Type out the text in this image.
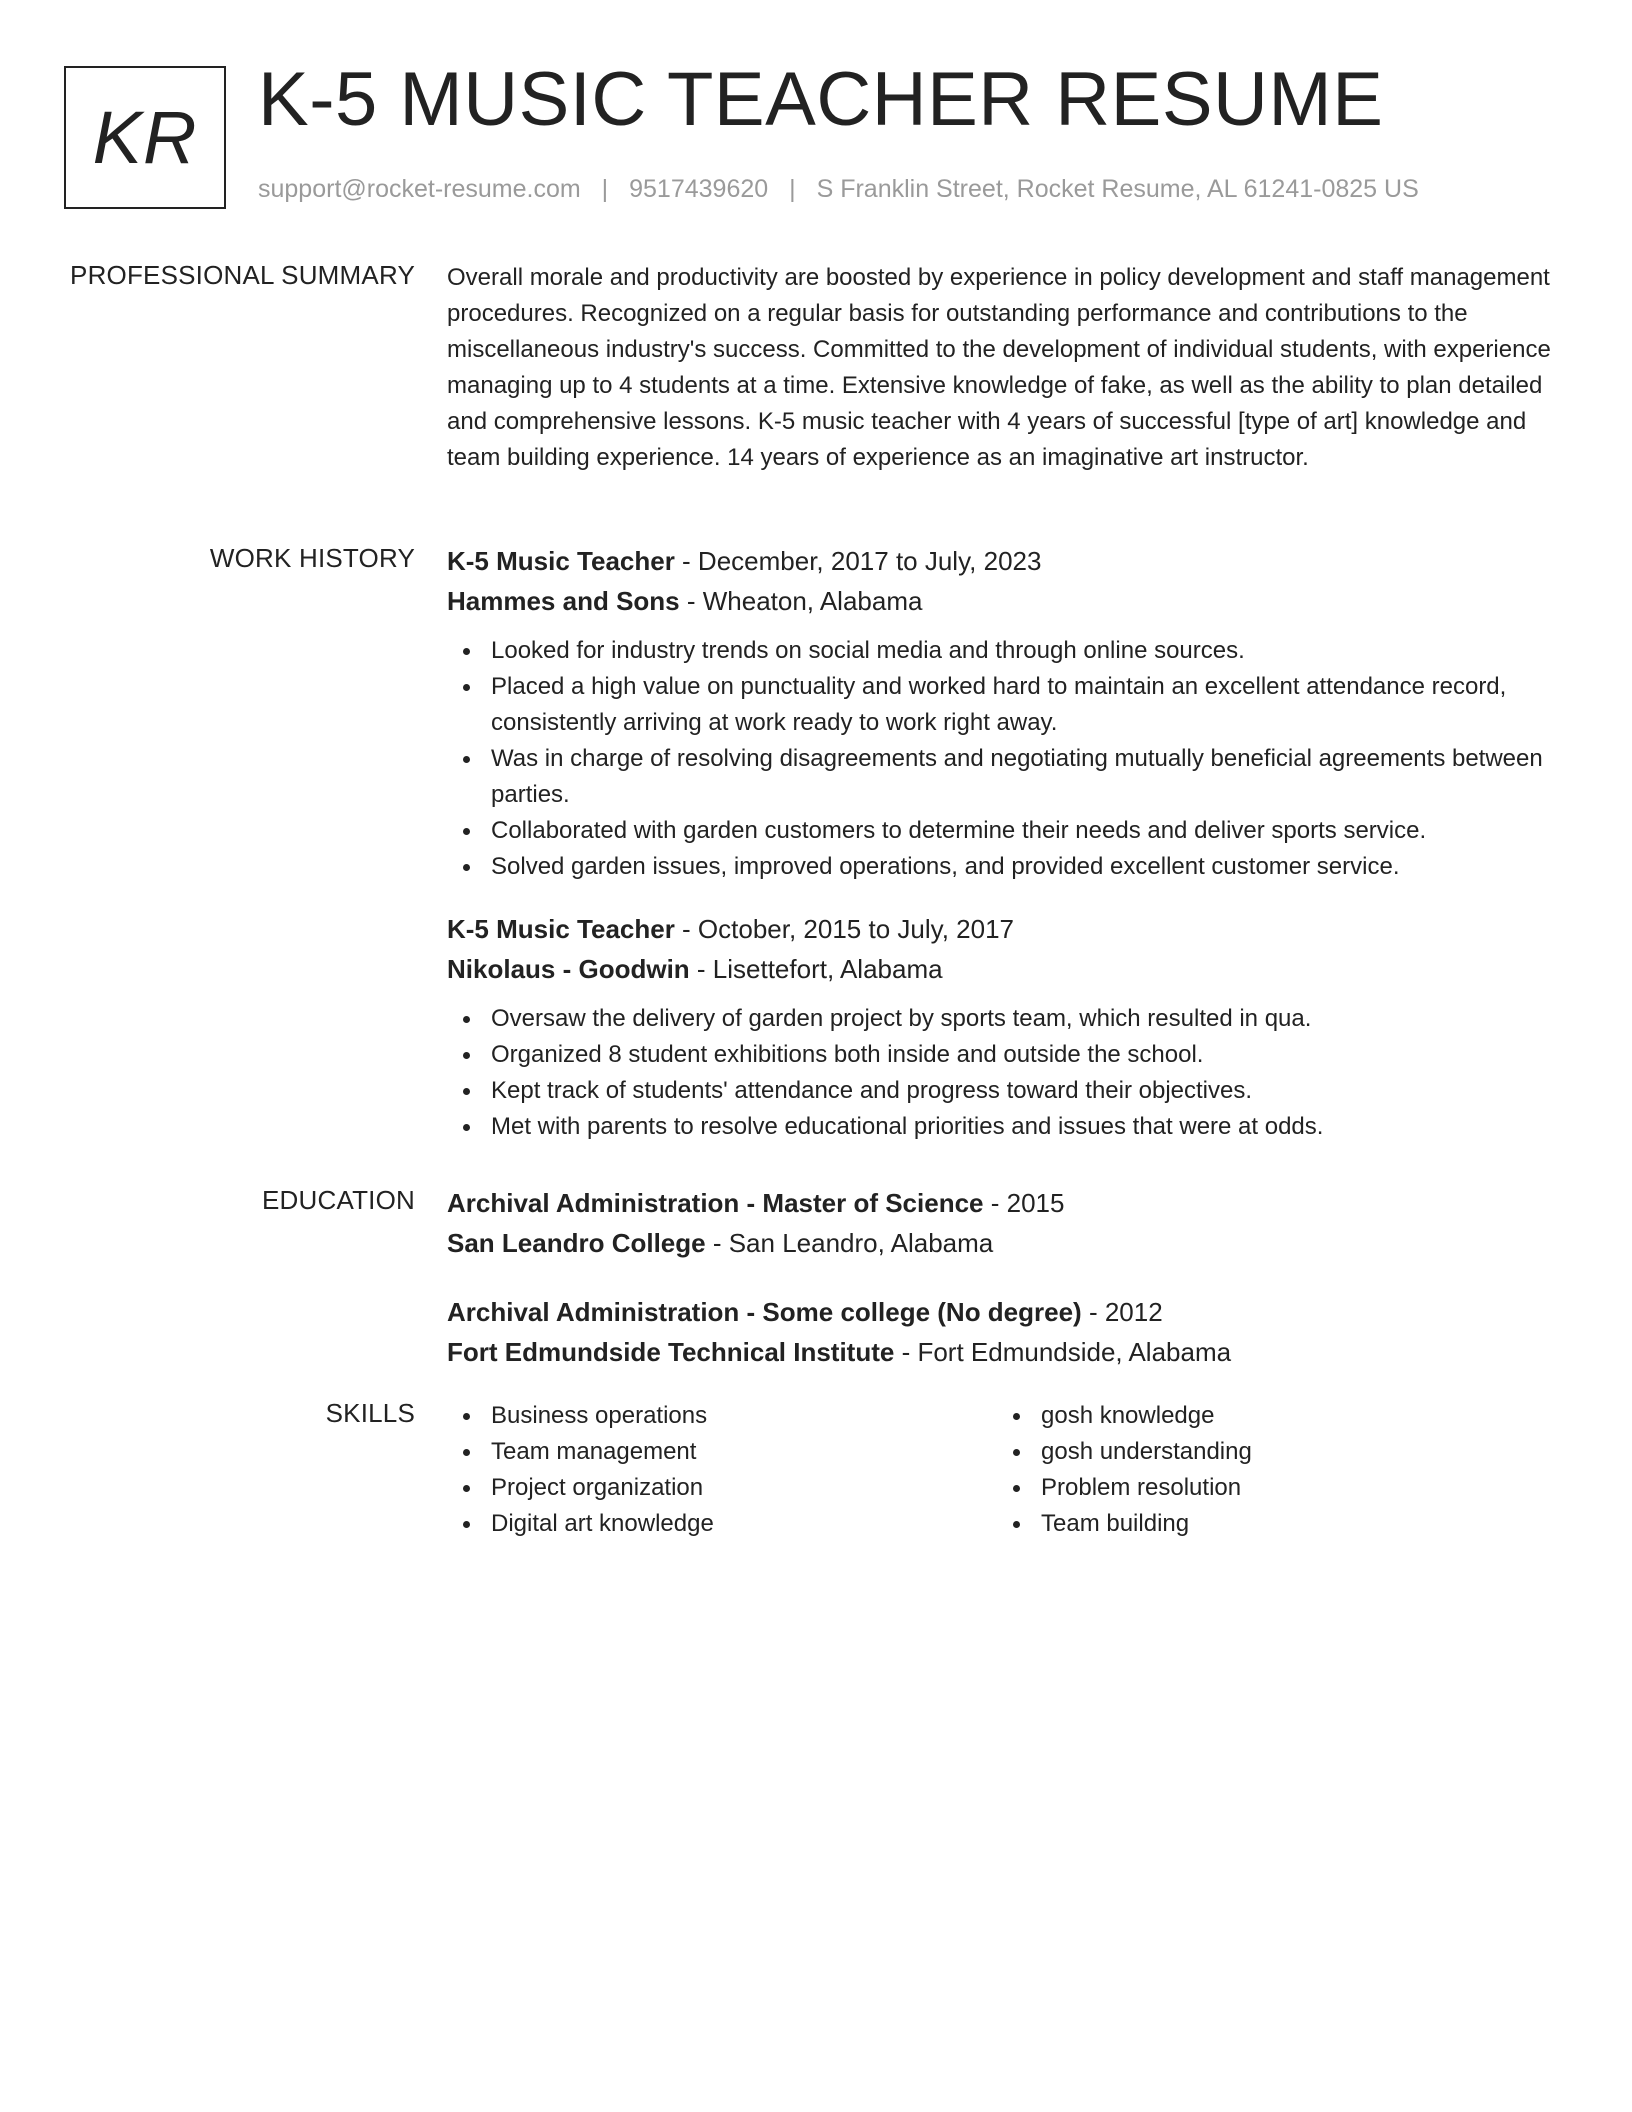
KR K-5 MUSIC TEACHER RESUME
support@rocket-resume.com | 9517439620 | S Franklin Street, Rocket Resume, AL 61241-0825 US
PROFESSIONAL SUMMARY Overall morale and productivity are boosted by experience in policy development and staff management procedures. Recognized on a regular basis for outstanding performance and contributions to the miscellaneous industry's success. Committed to the development of individual students, with experience managing up to 4 students at a time. Extensive knowledge of fake, as well as the ability to plan detailed and comprehensive lessons. K-5 music teacher with 4 years of successful [type of art] knowledge and team building experience. 14 years of experience as an imaginative art instructor.

WORK HISTORY K-5 Music Teacher - December, 2017 to July, 2023
Hammes and Sons - Wheaton, Alabama
Looked for industry trends on social media and through online sources.
Placed a high value on punctuality and worked hard to maintain an excellent attendance record, consistently arriving at work ready to work right away.
Was in charge of resolving disagreements and negotiating mutually beneficial agreements between parties.
Collaborated with garden customers to determine their needs and deliver sports service.
Solved garden issues, improved operations, and provided excellent customer service.
K-5 Music Teacher - October, 2015 to July, 2017
Nikolaus - Goodwin - Lisettefort, Alabama
Oversaw the delivery of garden project by sports team, which resulted in qua.
Organized 8 student exhibitions both inside and outside the school.
Kept track of students' attendance and progress toward their objectives.
Met with parents to resolve educational priorities and issues that were at odds.
EDUCATION Archival Administration - Master of Science - 2015
San Leandro College - San Leandro, Alabama
Archival Administration - Some college (No degree) - 2012
Fort Edmundside Technical Institute - Fort Edmundside, Alabama
SKILLS	Business operations
Team management
Project organization
Digital art knowledge
gosh knowledge
gosh understanding
Problem resolution
Team building
